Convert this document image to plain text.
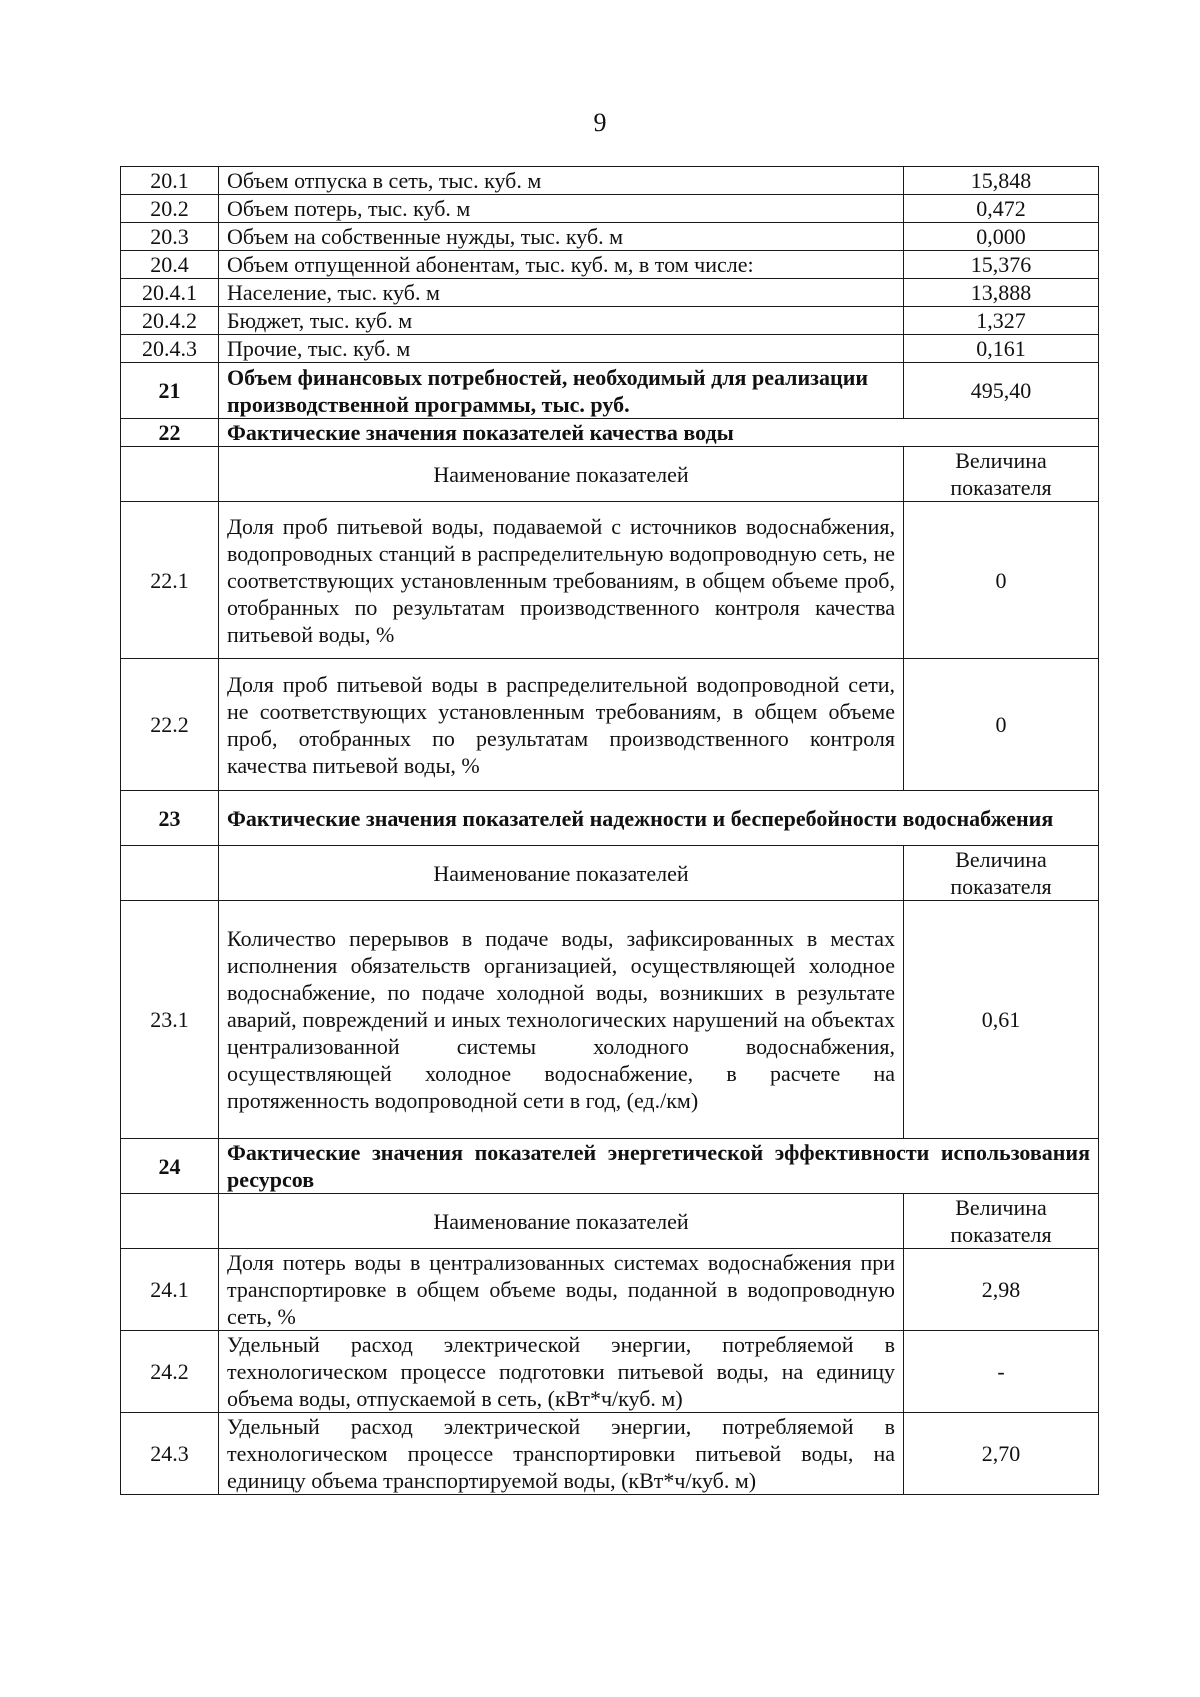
9
20.1	Объем отпуска в сеть, тыс. куб. м	15,848
20.2	Объем потерь, тыс. куб. м	0,472
20.3	Объем на собственные нужды, тыс. куб. м	0,000
20.4	Объем отпущенной абонентам, тыс. куб. м, в том числе:	15,376
20.4.1	Население, тыс. куб. м	13,888
20.4.2	Бюджет, тыс. куб. м	1,327
20.4.3	Прочие, тыс. куб. м	0,161
21	Объем финансовых потребностей, необходимый для реализации производственной программы, тыс. руб.	495,40
22	Фактические значения показателей качества воды	
	Наименование показателей	Величина показателя
22.1	Доля проб питьевой воды, подаваемой с источников водоснабжения, водопроводных станций в распределительную водопроводную сеть, не соответствующих установленным требованиям, в общем объеме проб, отобранных по результатам производственного контроля качества питьевой воды, %	0
22.2	Доля проб питьевой воды в распределительной водопроводной сети, не соответствующих установленным требованиям, в общем объеме проб, отобранных по результатам производственного контроля качества питьевой воды, %	0
23	Фактические значения показателей надежности и бесперебойности водоснабжения	
	Наименование показателей	Величина показателя
23.1	Количество перерывов в подаче воды, зафиксированных в местах исполнения обязательств организацией, осуществляющей холодное водоснабжение, по подаче холодной воды, возникших в результате аварий, повреждений и иных технологических нарушений на объектах централизованной системы холодного водоснабжения, осуществляющей холодное водоснабжение, в расчете на протяженность водопроводной сети в год, (ед./км)	0,61
24	Фактические значения показателей энергетической эффективности использования ресурсов	
	Наименование показателей	Величина показателя
24.1	Доля потерь воды в централизованных системах водоснабжения при транспортировке в общем объеме воды, поданной в водопроводную сеть, %	2,98
24.2	Удельный расход электрической энергии, потребляемой в технологическом процессе подготовки питьевой воды, на единицу объема воды, отпускаемой в сеть, (кВт*ч/куб. м)	-
24.3	Удельный расход электрической энергии, потребляемой в технологическом процессе транспортировки питьевой воды, на единицу объема транспортируемой воды, (кВт*ч/куб. м)	2,70
